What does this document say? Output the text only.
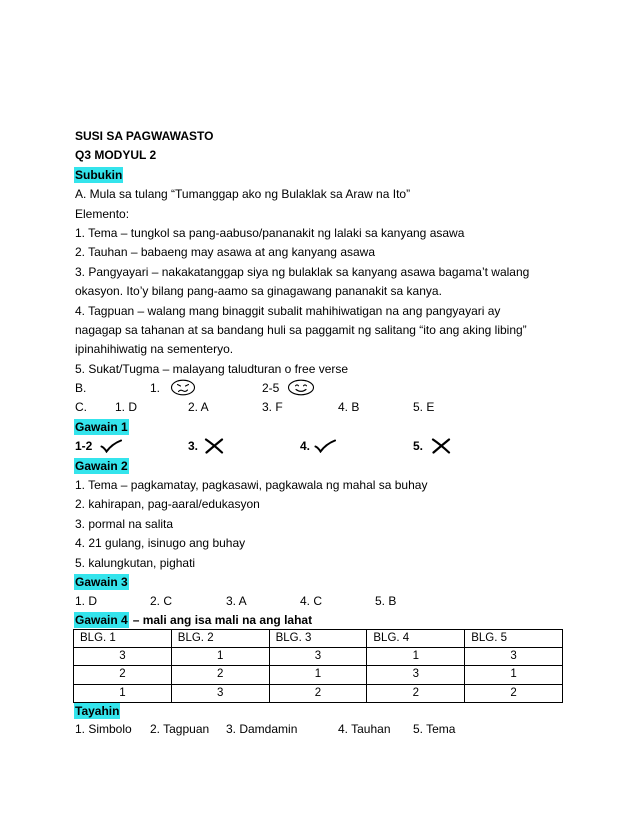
SUSI SA PAGWAWASTO
Q3 MODYUL 2
Subukin
A. Mula sa tulang “Tumanggap ako ng Bulaklak sa Araw na Ito”
Elemento:
1. Tema – tungkol sa pang-aabuso/pananakit ng lalaki sa kanyang asawa
2. Tauhan – babaeng may asawa at ang kanyang asawa
3. Pangyayari – nakakatanggap siya ng bulaklak sa kanyang asawa bagama’t walang
okasyon. Ito’y bilang pang-aamo sa ginagawang pananakit sa kanya.
4. Tagpuan – walang mang binaggit subalit mahihiwatigan na ang pangyayari ay
nagagap sa tahanan at sa bandang huli sa paggamit ng salitang “ito ang aking libing”
ipinahihiwatig na sementeryo.
5. Sukat/Tugma – malayang taludturan o free verse
B.	1.	2-5
C. 1. D	2. A	3. F	4. B	5. E
Gawain 1
1-2	3.	4.	5.
Gawain 2
1. Tema – pagkamatay, pagkasawi, pagkawala ng mahal sa buhay
2. kahirapan, pag-aaral/edukasyon
3. pormal na salita
4. 21 gulang, isinugo ang buhay
5. kalungkutan, pighati
Gawain 3
1. D	2. C	3. A	4. C	5. B
Gawain 4 – mali ang isa mali na ang lahat
BLG. 1	BLG. 2	BLG. 3	BLG. 4	BLG. 5
3	1	3	1	3
2	2	1	3	1
1	3	2	2	2
Tayahin
1. Simbolo 2. Tagpuan 3. Damdamin	4. Tauhan 5. Tema
